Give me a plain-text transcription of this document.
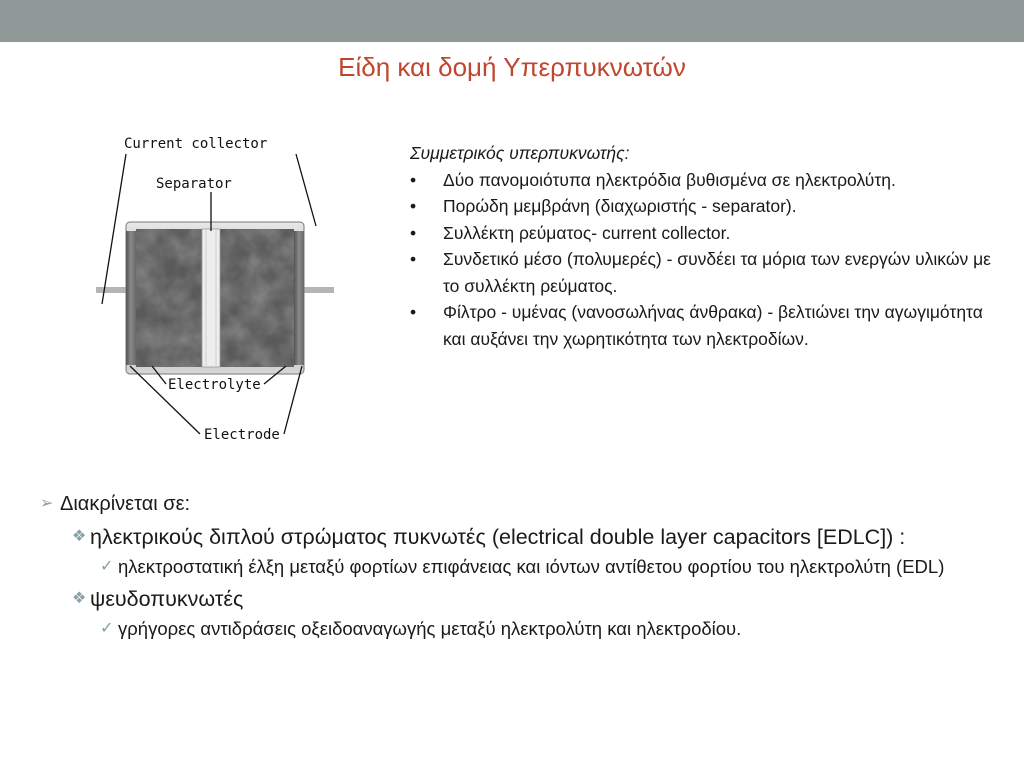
Είδη και δομή Υπερπυκνωτών
Current collector
Separator
Electrolyte
Electrode
Συμμετρικός υπερπυκνωτής:
• Δύο πανομοιότυπα ηλεκτρόδια βυθισμένα σε ηλεκτρολύτη.
• Πορώδη μεμβράνη (διαχωριστής - separator).
• Συλλέκτη ρεύματος- current collector.
• Συνδετικό μέσο (πολυμερές) - συνδέει τα μόρια των ενεργών υλικών με το συλλέκτη ρεύματος.
• Φίλτρο - υμένας (νανοσωλήνας άνθρακα) - βελτιώνει την αγωγιμότητα και αυξάνει την χωρητικότητα των ηλεκτροδίων.
➢ Διακρίνεται σε:
❖ ηλεκτρικούς διπλού στρώματος πυκνωτές (electrical double layer capacitors [EDLC]) :
✓ ηλεκτροστατική έλξη μεταξύ φορτίων επιφάνειας και ιόντων αντίθετου φορτίου του ηλεκτρολύτη (EDL)
❖ ψευδοπυκνωτές
✓ γρήγορες αντιδράσεις οξειδοαναγωγής μεταξύ ηλεκτρολύτη και ηλεκτροδίου.
